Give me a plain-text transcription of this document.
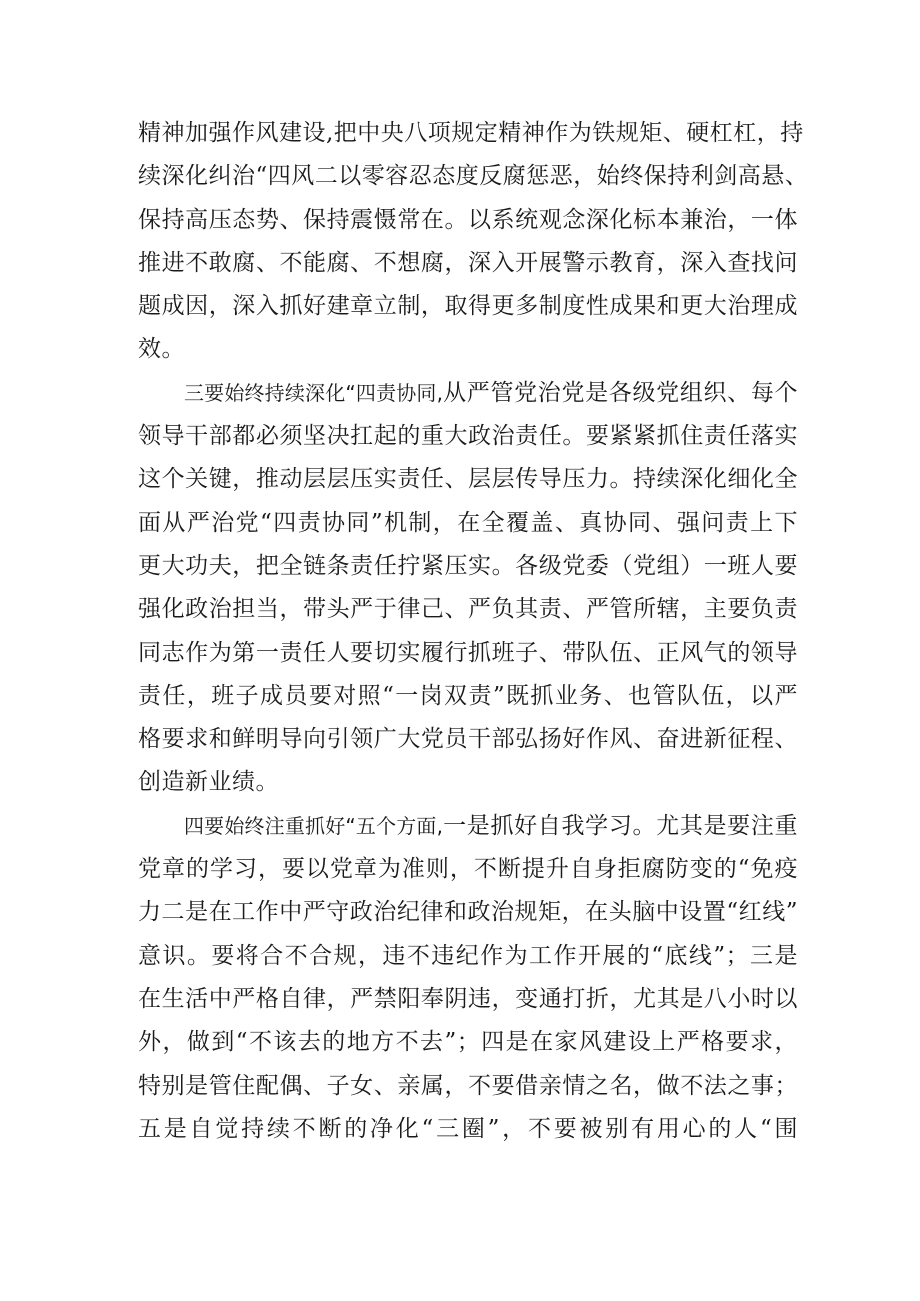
精神加强作风建设,把中央八项规定精神作为铁规矩、硬杠杠，持
续深化纠治“四风二以零容忍态度反腐惩恶，始终保持利剑高悬、
保持高压态势、保持震慑常在。以系统观念深化标本兼治，一体
推进不敢腐、不能腐、不想腐，深入开展警示教育，深入查找问
题成因，深入抓好建章立制，取得更多制度性成果和更大治理成
效。

三要始终持续深化“四责协同,从严管党治党是各级党组织、每个
领导干部都必须坚决扛起的重大政治责任。要紧紧抓住责任落实
这个关键，推动层层压实责任、层层传导压力。持续深化细化全
面从严治党“四责协同”机制，在全覆盖、真协同、强问责上下
更大功夫，把全链条责任拧紧压实。各级党委（党组）一班人要
强化政治担当，带头严于律己、严负其责、严管所辖，主要负责
同志作为第一责任人要切实履行抓班子、带队伍、正风气的领导
责任，班子成员要对照“一岗双责”既抓业务、也管队伍，以严
格要求和鲜明导向引领广大党员干部弘扬好作风、奋进新征程、
创造新业绩。

四要始终注重抓好“五个方面,一是抓好自我学习。尤其是要注重
党章的学习，要以党章为准则，不断提升自身拒腐防变的“免疫
力二是在工作中严守政治纪律和政治规矩，在头脑中设置“红线”
意识。要将合不合规，违不违纪作为工作开展的“底线”；三是
在生活中严格自律，严禁阳奉阴违，变通打折，尤其是八小时以
外，做到“不该去的地方不去”；四是在家风建设上严格要求，
特别是管住配偶、子女、亲属，不要借亲情之名，做不法之事；
五是自觉持续不断的净化“三圈”，不要被别有用心的人“围
